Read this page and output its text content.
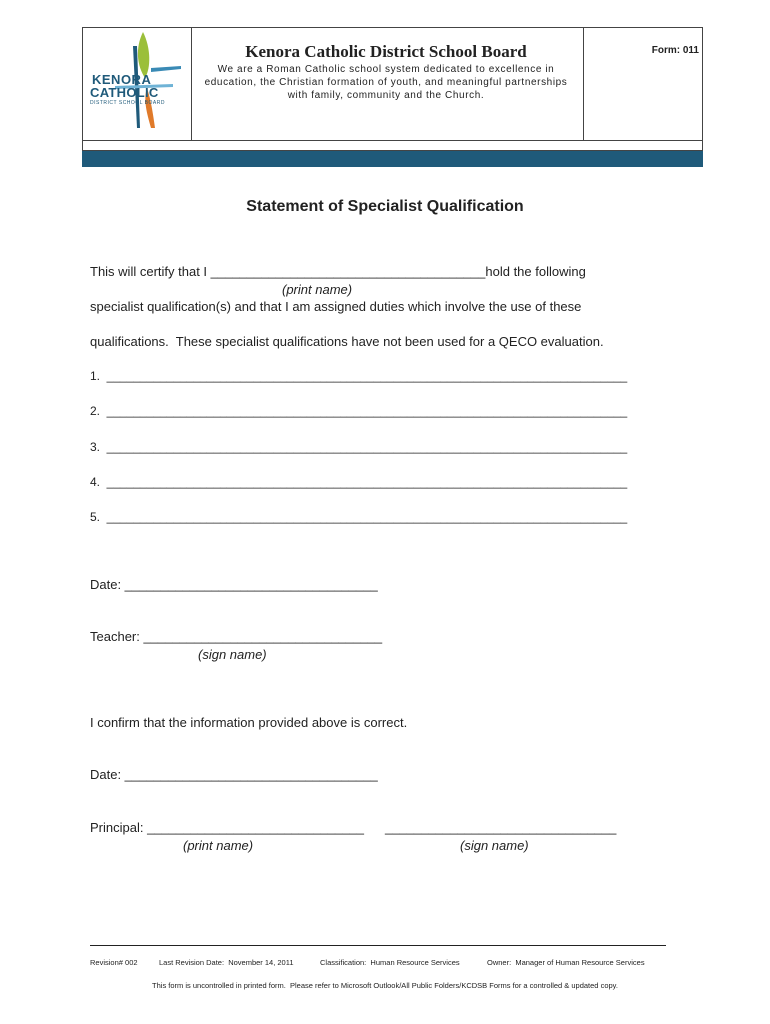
KENORA
CATHOLIC
DISTRICT SCHOOL BOARD
Kenora Catholic District School Board
We are a Roman Catholic school system dedicated to excellence in
education, the Christian formation of youth, and meaningful partnerships
with family, community and the Church.
Form: 011
Statement of Specialist Qualification
This will certify that I ______________________________________hold the following
(print name)
specialist qualification(s) and that I am assigned duties which involve the use of these
qualifications.  These specialist qualifications have not been used for a QECO evaluation.
1.  ______________________________________________________________________________
2.  ______________________________________________________________________________
3.  ______________________________________________________________________________
4.  ______________________________________________________________________________
5.  ______________________________________________________________________________
Date: ___________________________________
Teacher: _________________________________
(sign name)
I confirm that the information provided above is correct.
Date: ___________________________________
Principal: ______________________________ ________________________________
(print name)	(sign name)
Revision# 002	Last Revision Date:  November 14, 2011	Classification:  Human Resource Services	Owner:  Manager of Human Resource Services
This form is uncontrolled in printed form.  Please refer to Microsoft Outlook/All Public Folders/KCDSB Forms for a controlled & updated copy.
